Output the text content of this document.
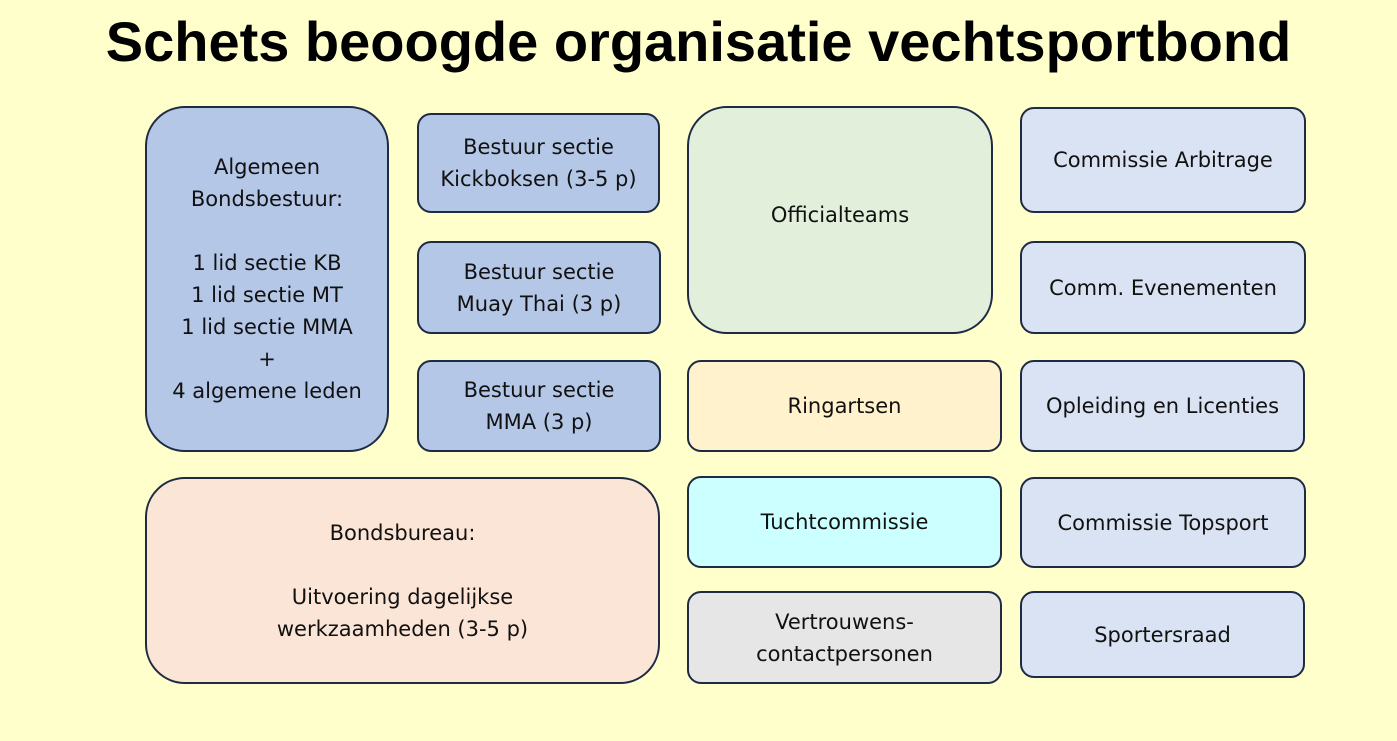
Schets beoogde organisatie vechtsportbond
Algemeen
Bondsbestuur:

1 lid sectie KB
1 lid sectie MT
1 lid sectie MMA
+
4 algemene leden
Bondsbureau:

Uitvoering dagelijkse
werkzaamheden (3-5 p)
Bestuur sectie
Kickboksen (3-5 p)
Bestuur sectie
Muay Thai (3 p)
Bestuur sectie
MMA (3 p)
Officialteams
Ringartsen
Tuchtcommissie
Vertrouwens-
contactpersonen
Commissie Arbitrage
Comm. Evenementen
Opleiding en Licenties
Commissie Topsport
Sportersraad
